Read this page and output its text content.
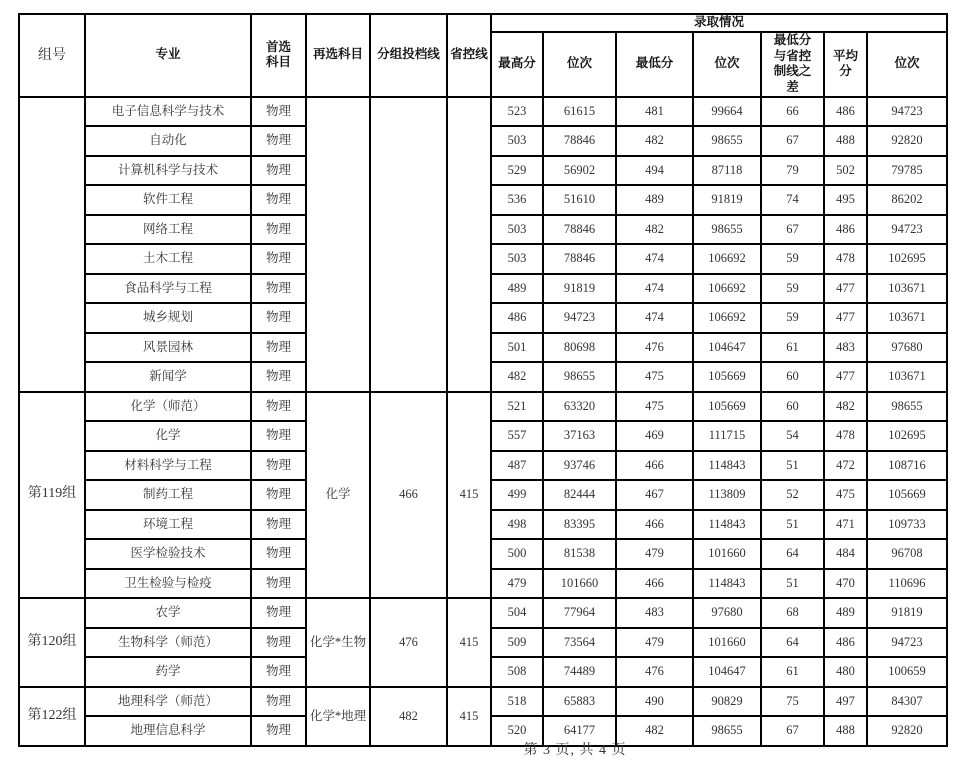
组号	专业	首选科目	再选科目	分组投档线	省控线	录取情况						
						最高分	位次	最低分	位次	最低分与省控制线之差	平均分	位次
	电子信息科学与技术	物理				523	61615	481	99664	66	486	94723
	自动化	物理				503	78846	482	98655	67	488	92820
	计算机科学与技术	物理				529	56902	494	87118	79	502	79785
	软件工程	物理				536	51610	489	91819	74	495	86202
	网络工程	物理				503	78846	482	98655	67	486	94723
	土木工程	物理				503	78846	474	106692	59	478	102695
	食品科学与工程	物理				489	91819	474	106692	59	477	103671
	城乡规划	物理				486	94723	474	106692	59	477	103671
	风景园林	物理				501	80698	476	104647	61	483	97680
	新闻学	物理				482	98655	475	105669	60	477	103671
第119组	化学（师范）	物理	化学	466	415	521	63320	475	105669	60	482	98655
	化学	物理				557	37163	469	111715	54	478	102695
	材料科学与工程	物理				487	93746	466	114843	51	472	108716
	制药工程	物理				499	82444	467	113809	52	475	105669
	环境工程	物理				498	83395	466	114843	51	471	109733
	医学检验技术	物理				500	81538	479	101660	64	484	96708
	卫生检验与检疫	物理				479	101660	466	114843	51	470	110696
第120组	农学	物理	化学*生物	476	415	504	77964	483	97680	68	489	91819
	生物科学（师范）	物理				509	73564	479	101660	64	486	94723
	药学	物理				508	74489	476	104647	61	480	100659
第122组	地理科学（师范）	物理	化学*地理	482	415	518	65883	490	90829	75	497	84307
	地理信息科学	物理				520	64177	482	98655	67	488	92820
第 3 页, 共 4 页
